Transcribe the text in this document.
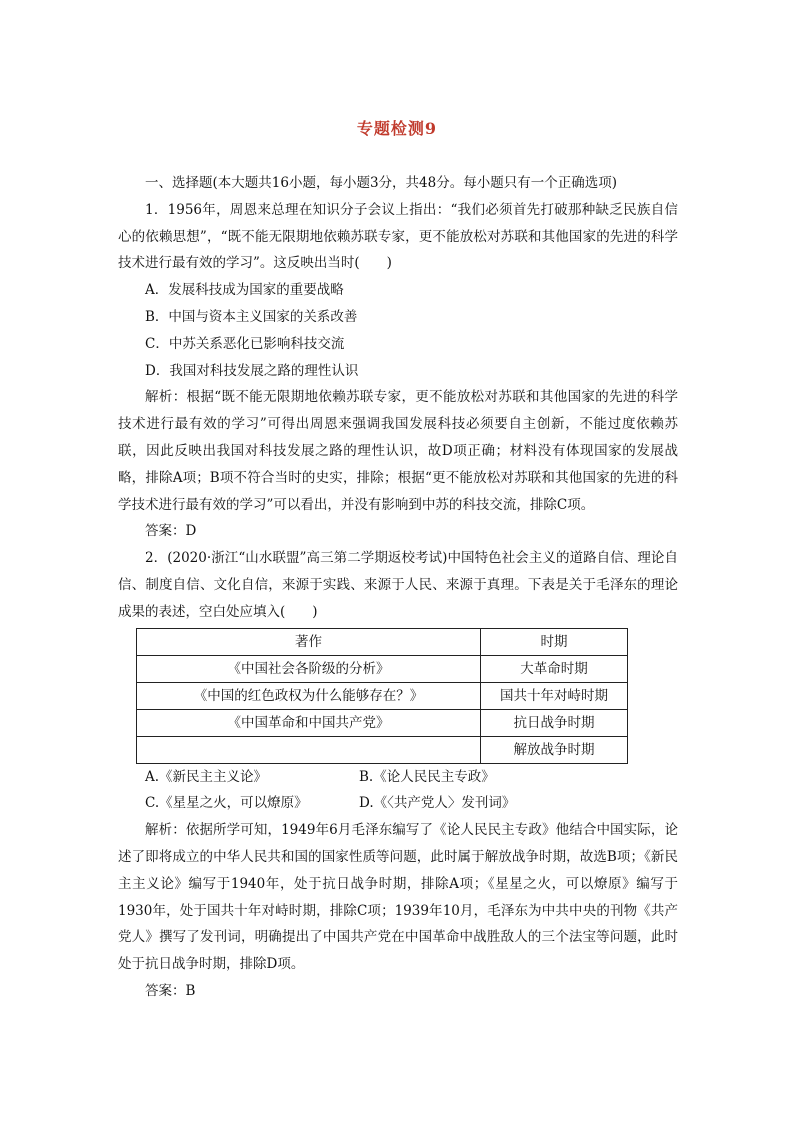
专题检测9

一、选择题(本大题共16小题，每小题3分，共48分。每小题只有一个正确选项)

1．1956年，周恩来总理在知识分子会议上指出：“我们必须首先打破那种缺乏民族自信心的依赖思想”，“既不能无限期地依赖苏联专家，更不能放松对苏联和其他国家的先进的科学技术进行最有效的学习”。这反映出当时(　　)

A．发展科技成为国家的重要战略

B．中国与资本主义国家的关系改善

C．中苏关系恶化已影响科技交流

D．我国对科技发展之路的理性认识

解析：根据“既不能无限期地依赖苏联专家，更不能放松对苏联和其他国家的先进的科学技术进行最有效的学习”可得出周恩来强调我国发展科技必须要自主创新，不能过度依赖苏联，因此反映出我国对科技发展之路的理性认识，故D项正确；材料没有体现国家的发展战略，排除A项；B项不符合当时的史实，排除；根据“更不能放松对苏联和其他国家的先进的科学技术进行最有效的学习”可以看出，并没有影响到中苏的科技交流，排除C项。

答案：D

2．(2020·浙江“山水联盟”高三第二学期返校考试)中国特色社会主义的道路自信、理论自信、制度自信、文化自信，来源于实践、来源于人民、来源于真理。下表是关于毛泽东的理论成果的表述，空白处应填入(　　)

著作	时期
《中国社会各阶级的分析》	大革命时期
《中国的红色政权为什么能够存在？》	国共十年对峙时期
《中国革命和中国共产党》	抗日战争时期
	解放战争时期

A.《新民主主义论》	B.《论人民民主专政》

C.《星星之火，可以燎原》	D.《〈共产党人〉发刊词》

解析：依据所学可知，1949年6月毛泽东编写了《论人民民主专政》他结合中国实际，论述了即将成立的中华人民共和国的国家性质等问题，此时属于解放战争时期，故选B项；《新民主主义论》编写于1940年，处于抗日战争时期，排除A项；《星星之火，可以燎原》编写于1930年，处于国共十年对峙时期，排除C项；1939年10月，毛泽东为中共中央的刊物《共产党人》撰写了发刊词，明确提出了中国共产党在中国革命中战胜敌人的三个法宝等问题，此时处于抗日战争时期，排除D项。

答案：B
